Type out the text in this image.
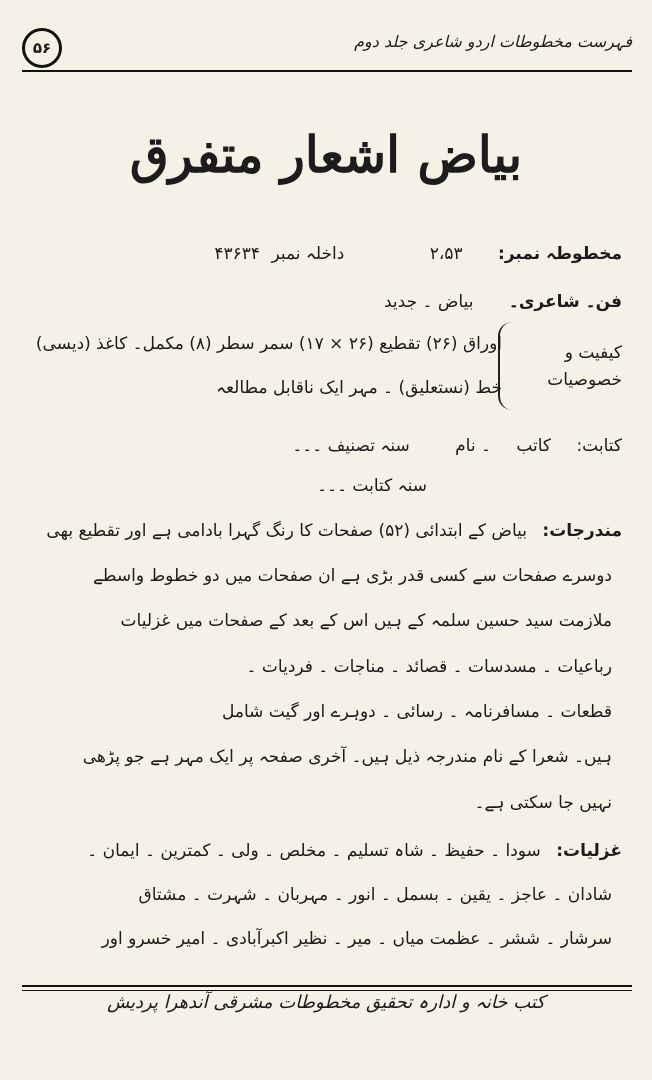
۵۶	فہرست مخطوطات اردو شاعری جلد دوم
بیاض اشعار متفرق
مخطوطہ نمبر: ۲،۵۳ داخلہ نمبر ۴۳۶۳۴
فن۔ شاعری۔ بیاض ۔ جدید
کیفیت و خصوصیات
اوراق (۲۶) تقطیع (۲۶ × ۱۷) سمر سطر (۸) مکمل۔ کاغذ (دیسی)
خط (نستعلیق) ۔ مہر ایک ناقابل مطالعہ
کتابت: کاتب ۔ نام سنہ تصنیف ۔۔۔
سنہ کتابت ۔۔۔
مندرجات: بیاض کے ابتدائی (۵۲) صفحات کا رنگ گہرا بادامی ہے اور تقطیع بھی
دوسرے صفحات سے کسی قدر بڑی ہے ان صفحات میں دو خطوط واسطے
ملازمت سید حسین سلمہ کے ہیں اس کے بعد کے صفحات میں غزلیات
رباعیات ۔ مسدسات ۔ قصائد ۔ مناجات ۔ فردیات ۔
قطعات ۔ مسافرنامہ ۔ رسائی ۔ دوہرے اور گیت شامل
ہیں۔ شعرا کے نام مندرجہ ذیل ہیں۔ آخری صفحہ پر ایک مہر ہے جو پڑھی
نہیں جا سکتی ہے۔
غزلیات: سودا ۔ حفیظ ۔ شاہ تسلیم ۔ مخلص ۔ ولی ۔ کمترین ۔ ایمان ۔
شادان ۔ عاجز ۔ یقین ۔ بسمل ۔ انور ۔ مہربان ۔ شہرت ۔ مشتاق
سرشار ۔ ششر ۔ عظمت میاں ۔ میر ۔ نظیر اکبرآبادی ۔ امیر خسرو اور
کتب خانہ و ادارہ تحقیق مخطوطات مشرقی آندھرا پردیش
